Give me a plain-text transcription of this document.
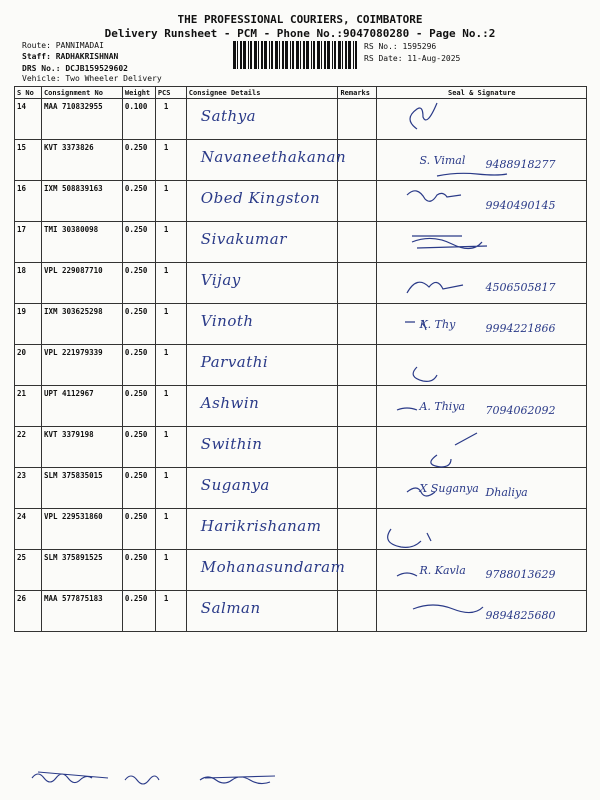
THE PROFESSIONAL COURIERS, COIMBATORE
Delivery Runsheet - PCM - Phone No.:9047080280 - Page No.:2
Route: PANNIMADAI
Staff: RADHAKRISHNAN
DRS No.: DCJB159529602
Vehicle: Two Wheeler Delivery
RS No.: 1595296
RS Date: 11-Aug-2025
S No	Consignment No	Weight	PCS	Consignee Details	Remarks	Seal & Signature
14	MAA 710832955	0.100	1	Sathya

15	KVT 3373826	0.250	1	Navaneethakanan		S. Vimal 9488918277

16	IXM 508839163	0.250	1	Obed Kingston		9940490145

17	TMI 30380098	0.250	1	Sivakumar

18	VPL 229087710	0.250	1	Vijay		4506505817

19	IXM 303625298	0.250	1	Vinoth		K. Thy 9994221866

20	VPL 221979339	0.250	1	Parvathi

21	UPT 4112967	0.250	1	Ashwin		A. Thiya 7094062092

22	KVT 3379198	0.250	1	Swithin

23	SLM 375835015	0.250	1	Suganya		X Suganya Dhaliya

24	VPL 229531860	0.250	1	Harikrishanam

25	SLM 375891525	0.250	1	Mohanasundaram		R. Kavla 9788013629

26	MAA 577875183	0.250	1	Salman		9894825680
